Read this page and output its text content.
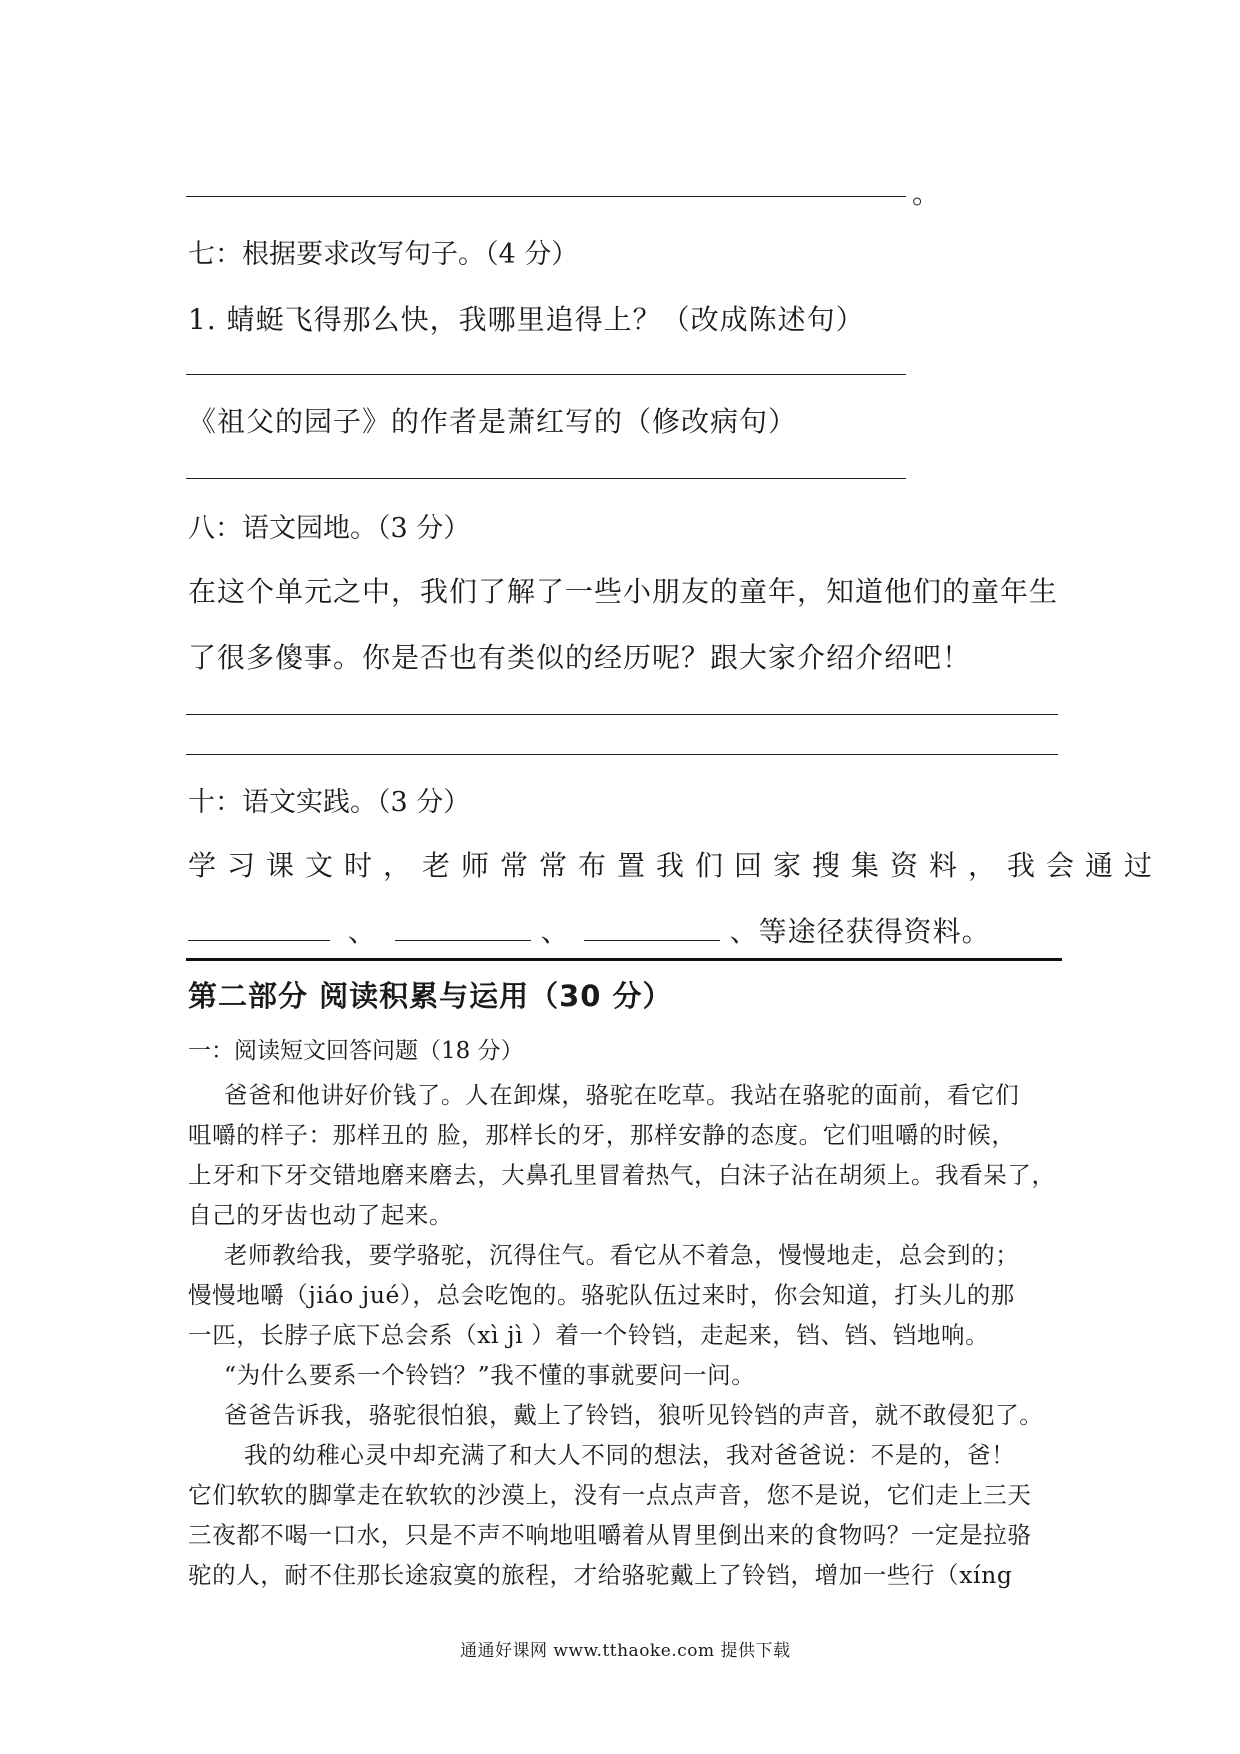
。
七：根据要求改写句子。（4 分）
1. 蜻蜓飞得那么快，我哪里追得上？（改成陈述句）
《祖父的园子》的作者是萧红写的（修改病句）
八：语文园地。（3 分）
在这个单元之中，我们了解了一些小朋友的童年，知道他们的童年生
了很多傻事。你是否也有类似的经历呢？跟大家介绍介绍吧！
十：语文实践。（3 分）
学习课文时，老师常常布置我们回家搜集资料，我会通过
、	、	、等途径获得资料。
第二部分 阅读积累与运用（30 分）
一：阅读短文回答问题（18 分）
爸爸和他讲好价钱了。人在卸煤，骆驼在吃草。我站在骆驼的面前，看它们
咀嚼的样子：那样丑的 脸，那样长的牙，那样安静的态度。它们咀嚼的时候，
上牙和下牙交错地磨来磨去，大鼻孔里冒着热气，白沫子沾在胡须上。我看呆了，
自己的牙齿也动了起来。
老师教给我，要学骆驼，沉得住气。看它从不着急，慢慢地走，总会到的；
慢慢地嚼（jiáo jué），总会吃饱的。骆驼队伍过来时，你会知道，打头儿的那
一匹，长脖子底下总会系（xì jì ）着一个铃铛，走起来，铛、铛、铛地响。
“为什么要系一个铃铛？”我不懂的事就要问一问。
爸爸告诉我，骆驼很怕狼，戴上了铃铛，狼听见铃铛的声音，就不敢侵犯了。
我的幼稚心灵中却充满了和大人不同的想法，我对爸爸说：不是的，爸！
它们软软的脚掌走在软软的沙漠上，没有一点点声音，您不是说，它们走上三天
三夜都不喝一口水，只是不声不响地咀嚼着从胃里倒出来的食物吗？一定是拉骆
驼的人，耐不住那长途寂寞的旅程，才给骆驼戴上了铃铛，增加一些行（xíng
通通好课网 www.tthaoke.com 提供下载
